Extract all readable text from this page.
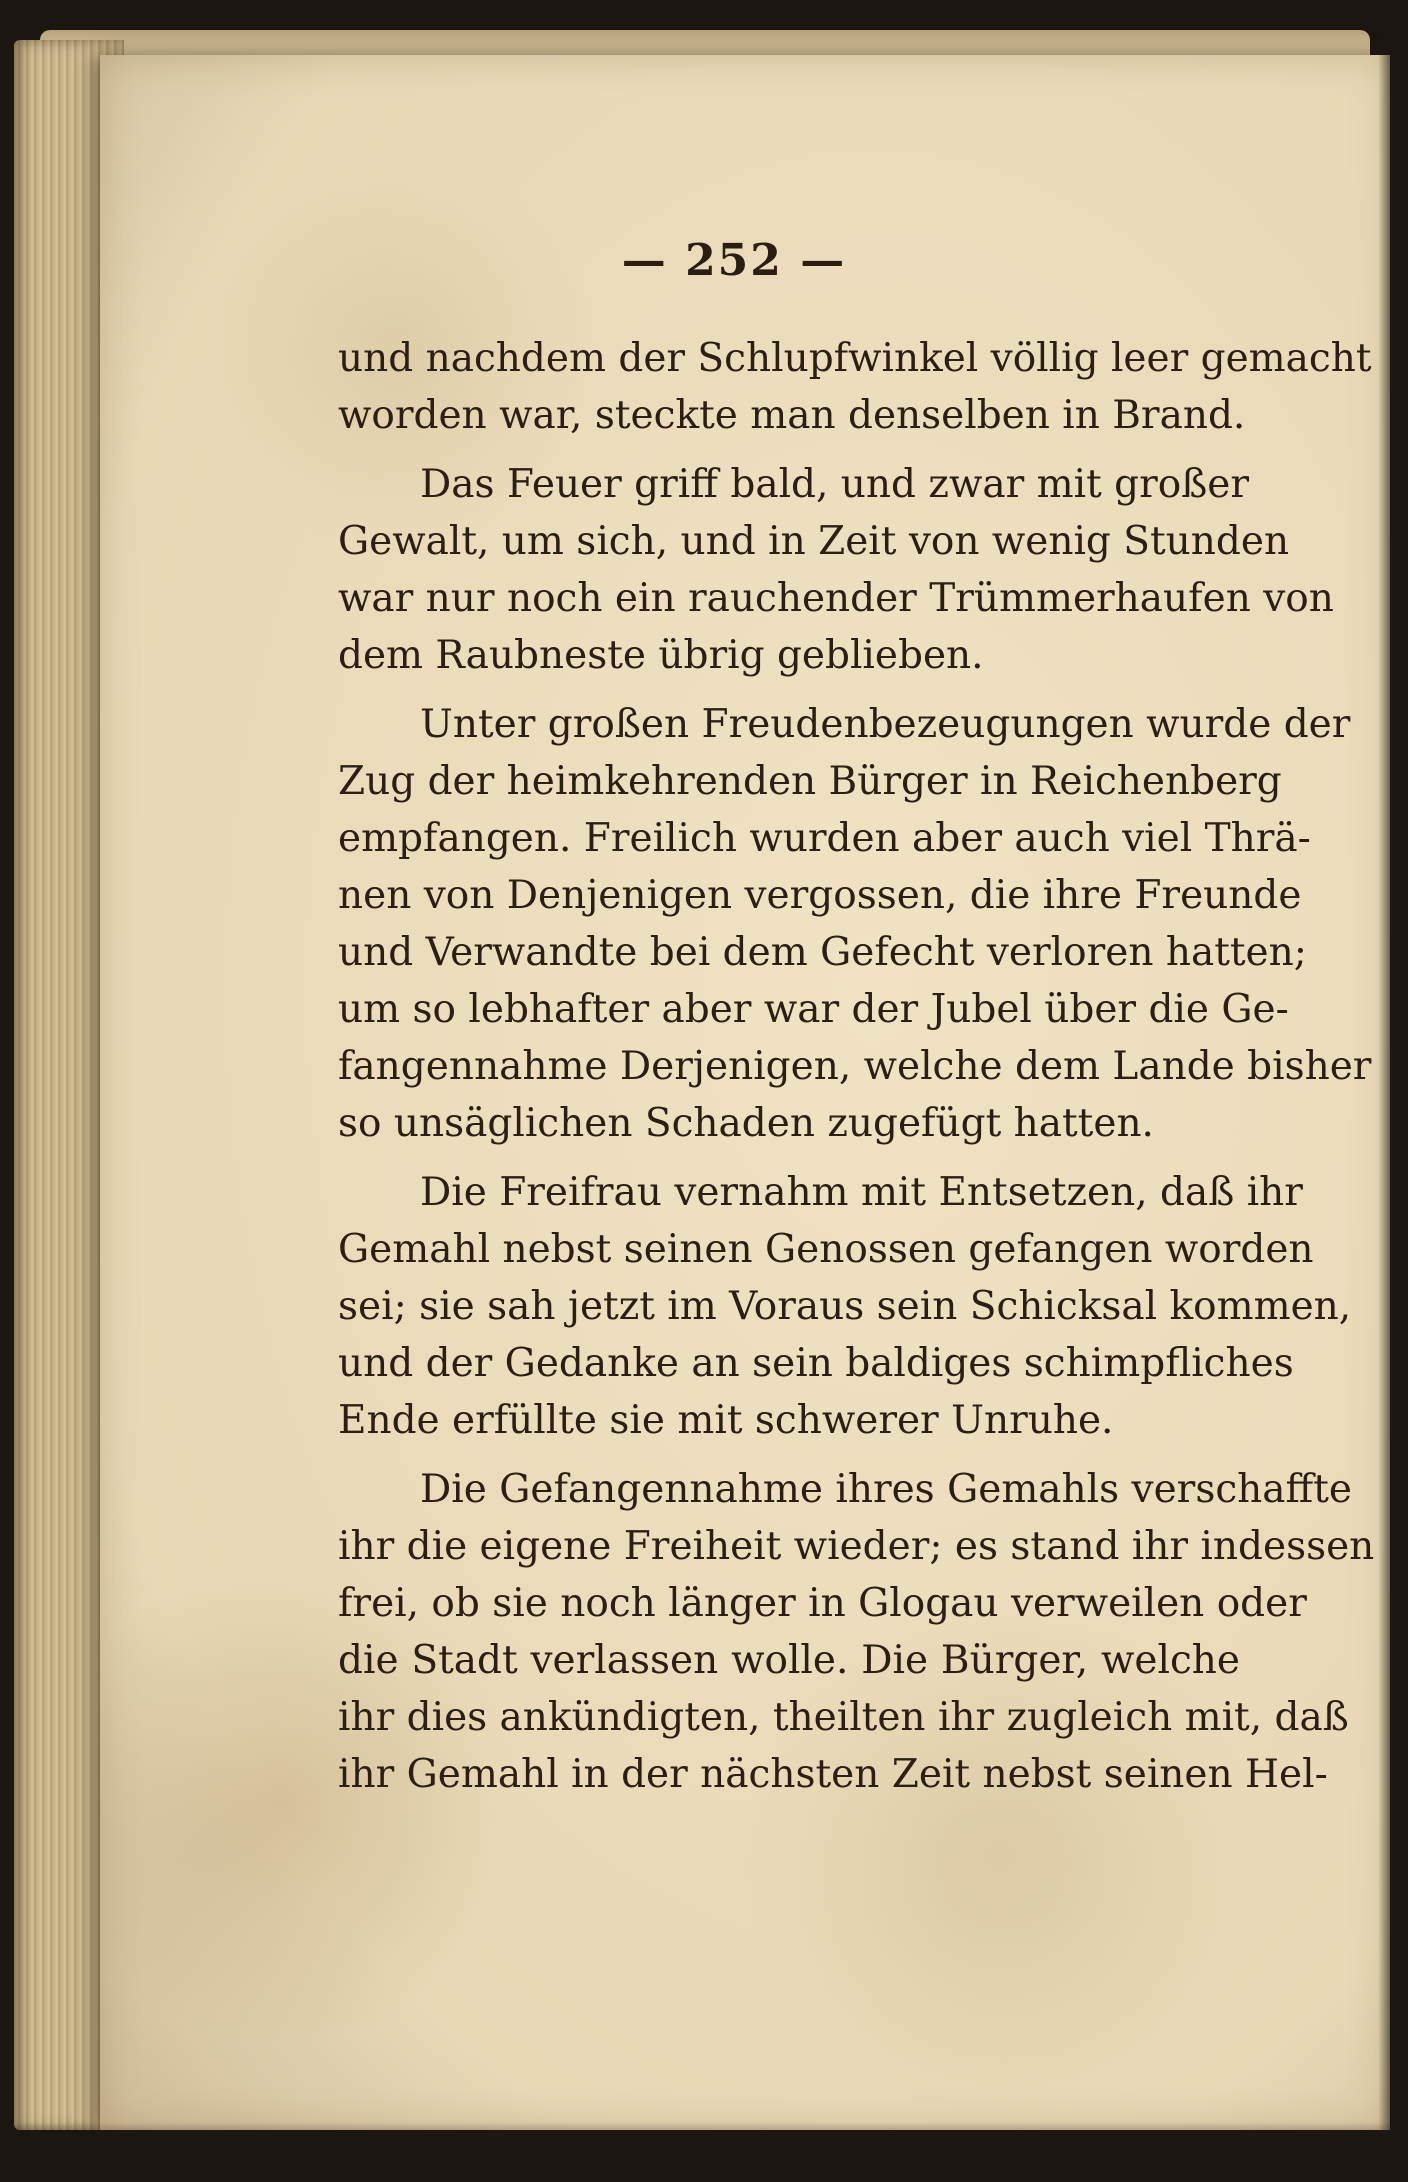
— 252 —
und nachdem der Schlupfwinkel völlig leer gemacht
worden war, steckte man denselben in Brand.
Das Feuer griff bald, und zwar mit großer
Gewalt, um sich, und in Zeit von wenig Stunden
war nur noch ein rauchender Trümmerhaufen von
dem Raubneste übrig geblieben.
Unter großen Freudenbezeugungen wurde der
Zug der heimkehrenden Bürger in Reichenberg
empfangen. Freilich wurden aber auch viel Thrä-
nen von Denjenigen vergossen, die ihre Freunde
und Verwandte bei dem Gefecht verloren hatten;
um so lebhafter aber war der Jubel über die Ge-
fangennahme Derjenigen, welche dem Lande bisher
so unsäglichen Schaden zugefügt hatten.
Die Freifrau vernahm mit Entsetzen, daß ihr
Gemahl nebst seinen Genossen gefangen worden
sei; sie sah jetzt im Voraus sein Schicksal kommen,
und der Gedanke an sein baldiges schimpfliches
Ende erfüllte sie mit schwerer Unruhe.
Die Gefangennahme ihres Gemahls verschaffte
ihr die eigene Freiheit wieder; es stand ihr indessen
frei, ob sie noch länger in Glogau verweilen oder
die Stadt verlassen wolle. Die Bürger, welche
ihr dies ankündigten, theilten ihr zugleich mit, daß
ihr Gemahl in der nächsten Zeit nebst seinen Hel-
